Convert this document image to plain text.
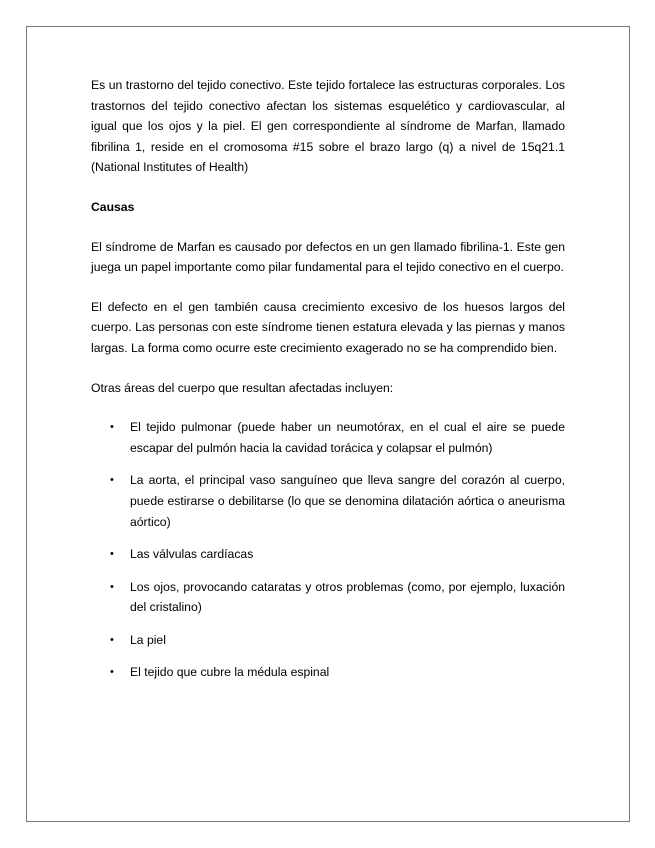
Es un trastorno del tejido conectivo. Este tejido fortalece las estructuras corporales. Los trastornos del tejido conectivo afectan los sistemas esquelético y cardiovascular, al igual que los ojos y la piel. El gen correspondiente al síndrome de Marfan, llamado fibrilina 1, reside en el cromosoma #15 sobre el brazo largo (q) a nivel de 15q21.1 (National Institutes of Health)

Causas

El síndrome de Marfan es causado por defectos en un gen llamado fibrilina-1. Este gen juega un papel importante como pilar fundamental para el tejido conectivo en el cuerpo.

El defecto en el gen también causa crecimiento excesivo de los huesos largos del cuerpo. Las personas con este síndrome tienen estatura elevada y las piernas y manos largas. La forma como ocurre este crecimiento exagerado no se ha comprendido bien.

Otras áreas del cuerpo que resultan afectadas incluyen:

• El tejido pulmonar (puede haber un neumotórax, en el cual el aire se puede escapar del pulmón hacia la cavidad torácica y colapsar el pulmón)
• La aorta, el principal vaso sanguíneo que lleva sangre del corazón al cuerpo, puede estirarse o debilitarse (lo que se denomina dilatación aórtica o aneurisma aórtico)
• Las válvulas cardíacas
• Los ojos, provocando cataratas y otros problemas (como, por ejemplo, luxación del cristalino)
• La piel
• El tejido que cubre la médula espinal
